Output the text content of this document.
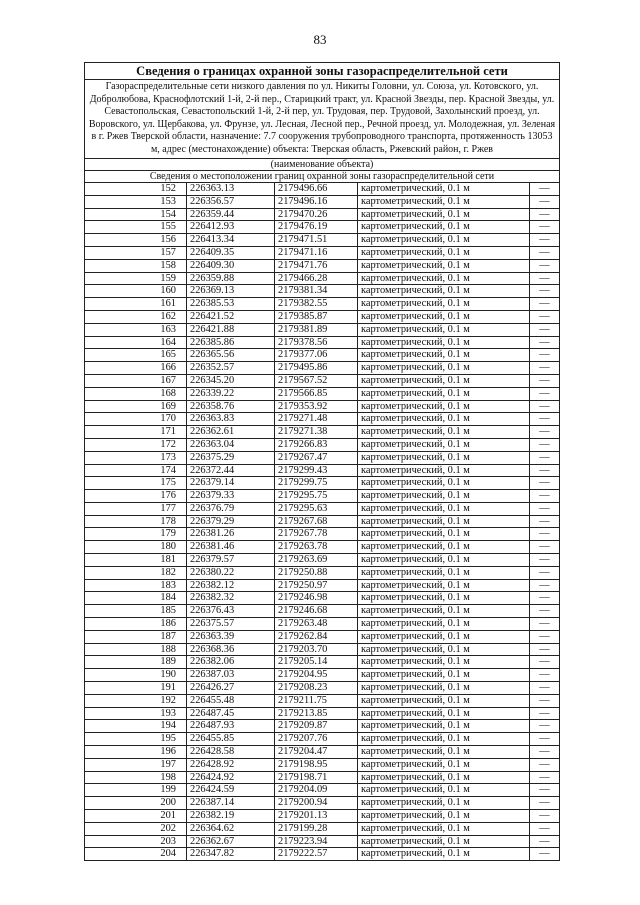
83
Сведения о границах охранной зоны газораспределительной сети				
Газораспределительные сети низкого давления по ул. Никиты Головни, ул. Союза, ул. Котовского, ул. Добролюбова, Краснофлотский 1-й, 2-й пер., Старицкий тракт, ул. Красной Звезды, пер. Красной Звезды, ул. Севастопольская, Севастопольский 1-й, 2-й пер, ул. Трудовая, пер. Трудовой, Захолынский проезд, ул. Воровского, ул. Щербакова, ул. Фрунзе, ул. Лесная, Лесной пер., Речной проезд, ул. Молодежная, ул. Зеленая в г. Ржев Тверской области, назначение: 7.7 сооружения трубопроводного транспорта, протяженность 13053 м, адрес (местонахождение) объекта: Тверская область, Ржевский район, г. Ржев				
(наименование объекта)				
Сведения о местоположении границ охранной зоны газораспределительной сети				
152	226363.13	2179496.66	картометрический, 0.1 м	—
153	226356.57	2179496.16	картометрический, 0.1 м	—
154	226359.44	2179470.26	картометрический, 0.1 м	—
155	226412.93	2179476.19	картометрический, 0.1 м	—
156	226413.34	2179471.51	картометрический, 0.1 м	—
157	226409.35	2179471.16	картометрический, 0.1 м	—
158	226409.30	2179471.76	картометрический, 0.1 м	—
159	226359.88	2179466.28	картометрический, 0.1 м	—
160	226369.13	2179381.34	картометрический, 0.1 м	—
161	226385.53	2179382.55	картометрический, 0.1 м	—
162	226421.52	2179385.87	картометрический, 0.1 м	—
163	226421.88	2179381.89	картометрический, 0.1 м	—
164	226385.86	2179378.56	картометрический, 0.1 м	—
165	226365.56	2179377.06	картометрический, 0.1 м	—
166	226352.57	2179495.86	картометрический, 0.1 м	—
167	226345.20	2179567.52	картометрический, 0.1 м	—
168	226339.22	2179566.85	картометрический, 0.1 м	—
169	226358.76	2179353.92	картометрический, 0.1 м	—
170	226363.83	2179271.48	картометрический, 0.1 м	—
171	226362.61	2179271.38	картометрический, 0.1 м	—
172	226363.04	2179266.83	картометрический, 0.1 м	—
173	226375.29	2179267.47	картометрический, 0.1 м	—
174	226372.44	2179299.43	картометрический, 0.1 м	—
175	226379.14	2179299.75	картометрический, 0.1 м	—
176	226379.33	2179295.75	картометрический, 0.1 м	—
177	226376.79	2179295.63	картометрический, 0.1 м	—
178	226379.29	2179267.68	картометрический, 0.1 м	—
179	226381.26	2179267.78	картометрический, 0.1 м	—
180	226381.46	2179263.78	картометрический, 0.1 м	—
181	226379.57	2179263.69	картометрический, 0.1 м	—
182	226380.22	2179250.88	картометрический, 0.1 м	—
183	226382.12	2179250.97	картометрический, 0.1 м	—
184	226382.32	2179246.98	картометрический, 0.1 м	—
185	226376.43	2179246.68	картометрический, 0.1 м	—
186	226375.57	2179263.48	картометрический, 0.1 м	—
187	226363.39	2179262.84	картометрический, 0.1 м	—
188	226368.36	2179203.70	картометрический, 0.1 м	—
189	226382.06	2179205.14	картометрический, 0.1 м	—
190	226387.03	2179204.95	картометрический, 0.1 м	—
191	226426.27	2179208.23	картометрический, 0.1 м	—
192	226455.48	2179211.75	картометрический, 0.1 м	—
193	226487.45	2179213.85	картометрический, 0.1 м	—
194	226487.93	2179209.87	картометрический, 0.1 м	—
195	226455.85	2179207.76	картометрический, 0.1 м	—
196	226428.58	2179204.47	картометрический, 0.1 м	—
197	226428.92	2179198.95	картометрический, 0.1 м	—
198	226424.92	2179198.71	картометрический, 0.1 м	—
199	226424.59	2179204.09	картометрический, 0.1 м	—
200	226387.14	2179200.94	картометрический, 0.1 м	—
201	226382.19	2179201.13	картометрический, 0.1 м	—
202	226364.62	2179199.28	картометрический, 0.1 м	—
203	226362.67	2179223.94	картометрический, 0.1 м	—
204	226347.82	2179222.57	картометрический, 0.1 м	—
